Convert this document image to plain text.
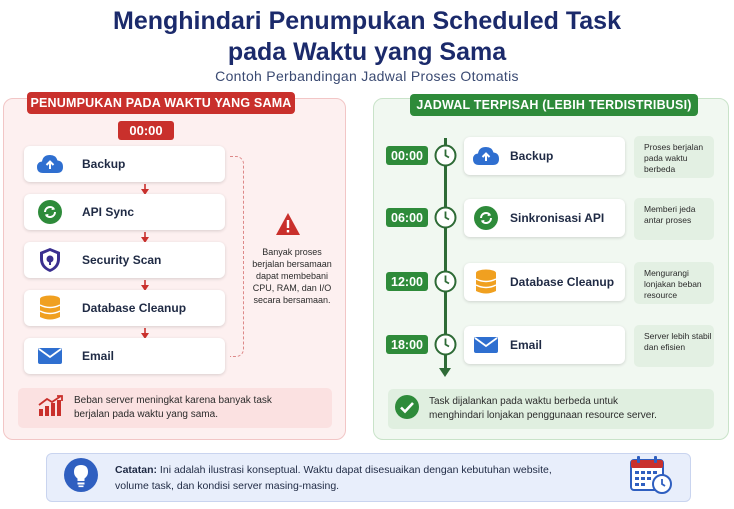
Menghindari Penumpukan Scheduled Task
pada Waktu yang Sama
Contoh Perbandingan Jadwal Proses Otomatis
PENUMPUKAN PADA WAKTU YANG SAMA
00:00
Backup
API Sync
Security Scan
Database Cleanup
Email
Banyak proses
berjalan bersamaan
dapat membebani
CPU, RAM, dan I/O
secara bersamaan.
Beban server meningkat karena banyak task
berjalan pada waktu yang sama.
JADWAL TERPISAH (LEBIH TERDISTRIBUSI)
00:00	Backup
Proses berjalan
pada waktu
berbeda
06:00	Sinkronisasi API
Memberi jeda
antar proses
12:00	Database Cleanup
Mengurangi
lonjakan beban
resource
18:00	Email
Server lebih stabil
dan efisien
Task dijalankan pada waktu berbeda untuk
menghindari lonjakan penggunaan resource server.
Catatan: Ini adalah ilustrasi konseptual. Waktu dapat disesuaikan dengan kebutuhan website,
volume task, dan kondisi server masing-masing.
